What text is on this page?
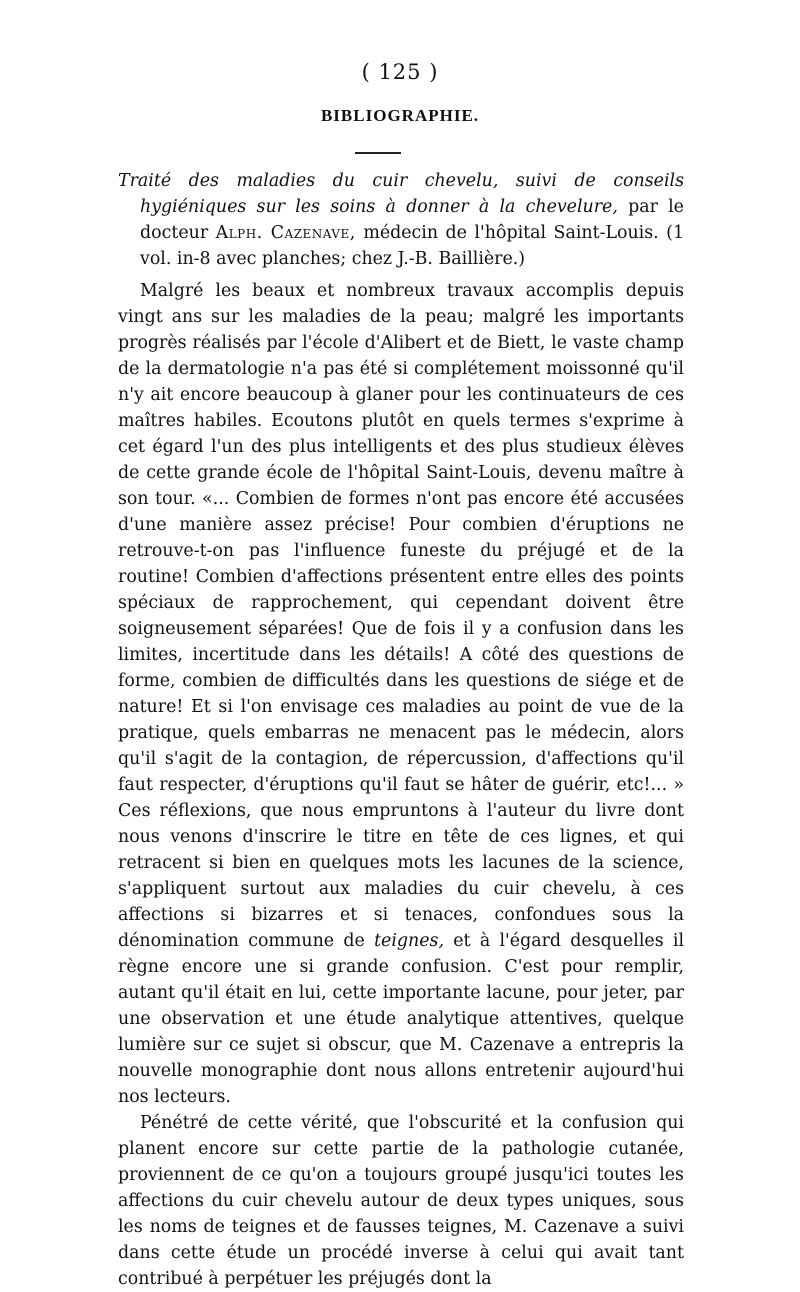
( 125 )
BIBLIOGRAPHIE.

Traité des maladies du cuir chevelu, suivi de conseils hygiéniques sur les soins à donner à la chevelure, par le docteur Alph. Cazenave, médecin de l'hôpital Saint-Louis. (1 vol. in-8 avec planches; chez J.-B. Baillière.)

Malgré les beaux et nombreux travaux accomplis depuis vingt ans sur les maladies de la peau; malgré les importants progrès réalisés par l'école d'Alibert et de Biett, le vaste champ de la dermatologie n'a pas été si complétement moissonné qu'il n'y ait encore beaucoup à glaner pour les continuateurs de ces maîtres habiles. Ecoutons plutôt en quels termes s'exprime à cet égard l'un des plus intelligents et des plus studieux élèves de cette grande école de l'hôpital Saint-Louis, devenu maître à son tour. «... Combien de formes n'ont pas encore été accusées d'une manière assez précise! Pour combien d'éruptions ne retrouve-t-on pas l'influence funeste du préjugé et de la routine! Combien d'affections présentent entre elles des points spéciaux de rapprochement, qui cependant doivent être soigneusement séparées! Que de fois il y a confusion dans les limites, incertitude dans les détails! A côté des questions de forme, combien de difficultés dans les questions de siége et de nature! Et si l'on envisage ces maladies au point de vue de la pratique, quels embarras ne menacent pas le médecin, alors qu'il s'agit de la contagion, de répercussion, d'affections qu'il faut respecter, d'éruptions qu'il faut se hâter de guérir, etc!... » Ces réflexions, que nous empruntons à l'auteur du livre dont nous venons d'inscrire le titre en tête de ces lignes, et qui retracent si bien en quelques mots les lacunes de la science, s'appliquent surtout aux maladies du cuir chevelu, à ces affections si bizarres et si tenaces, confondues sous la dénomination commune de teignes, et à l'égard desquelles il règne encore une si grande confusion. C'est pour remplir, autant qu'il était en lui, cette importante lacune, pour jeter, par une observation et une étude analytique attentives, quelque lumière sur ce sujet si obscur, que M. Cazenave a entrepris la nouvelle monographie dont nous allons entretenir aujourd'hui nos lecteurs.

Pénétré de cette vérité, que l'obscurité et la confusion qui planent encore sur cette partie de la pathologie cutanée, proviennent de ce qu'on a toujours groupé jusqu'ici toutes les affections du cuir chevelu autour de deux types uniques, sous les noms de teignes et de fausses teignes, M. Cazenave a suivi dans cette étude un procédé inverse à celui qui avait tant contribué à perpétuer les préjugés dont la
